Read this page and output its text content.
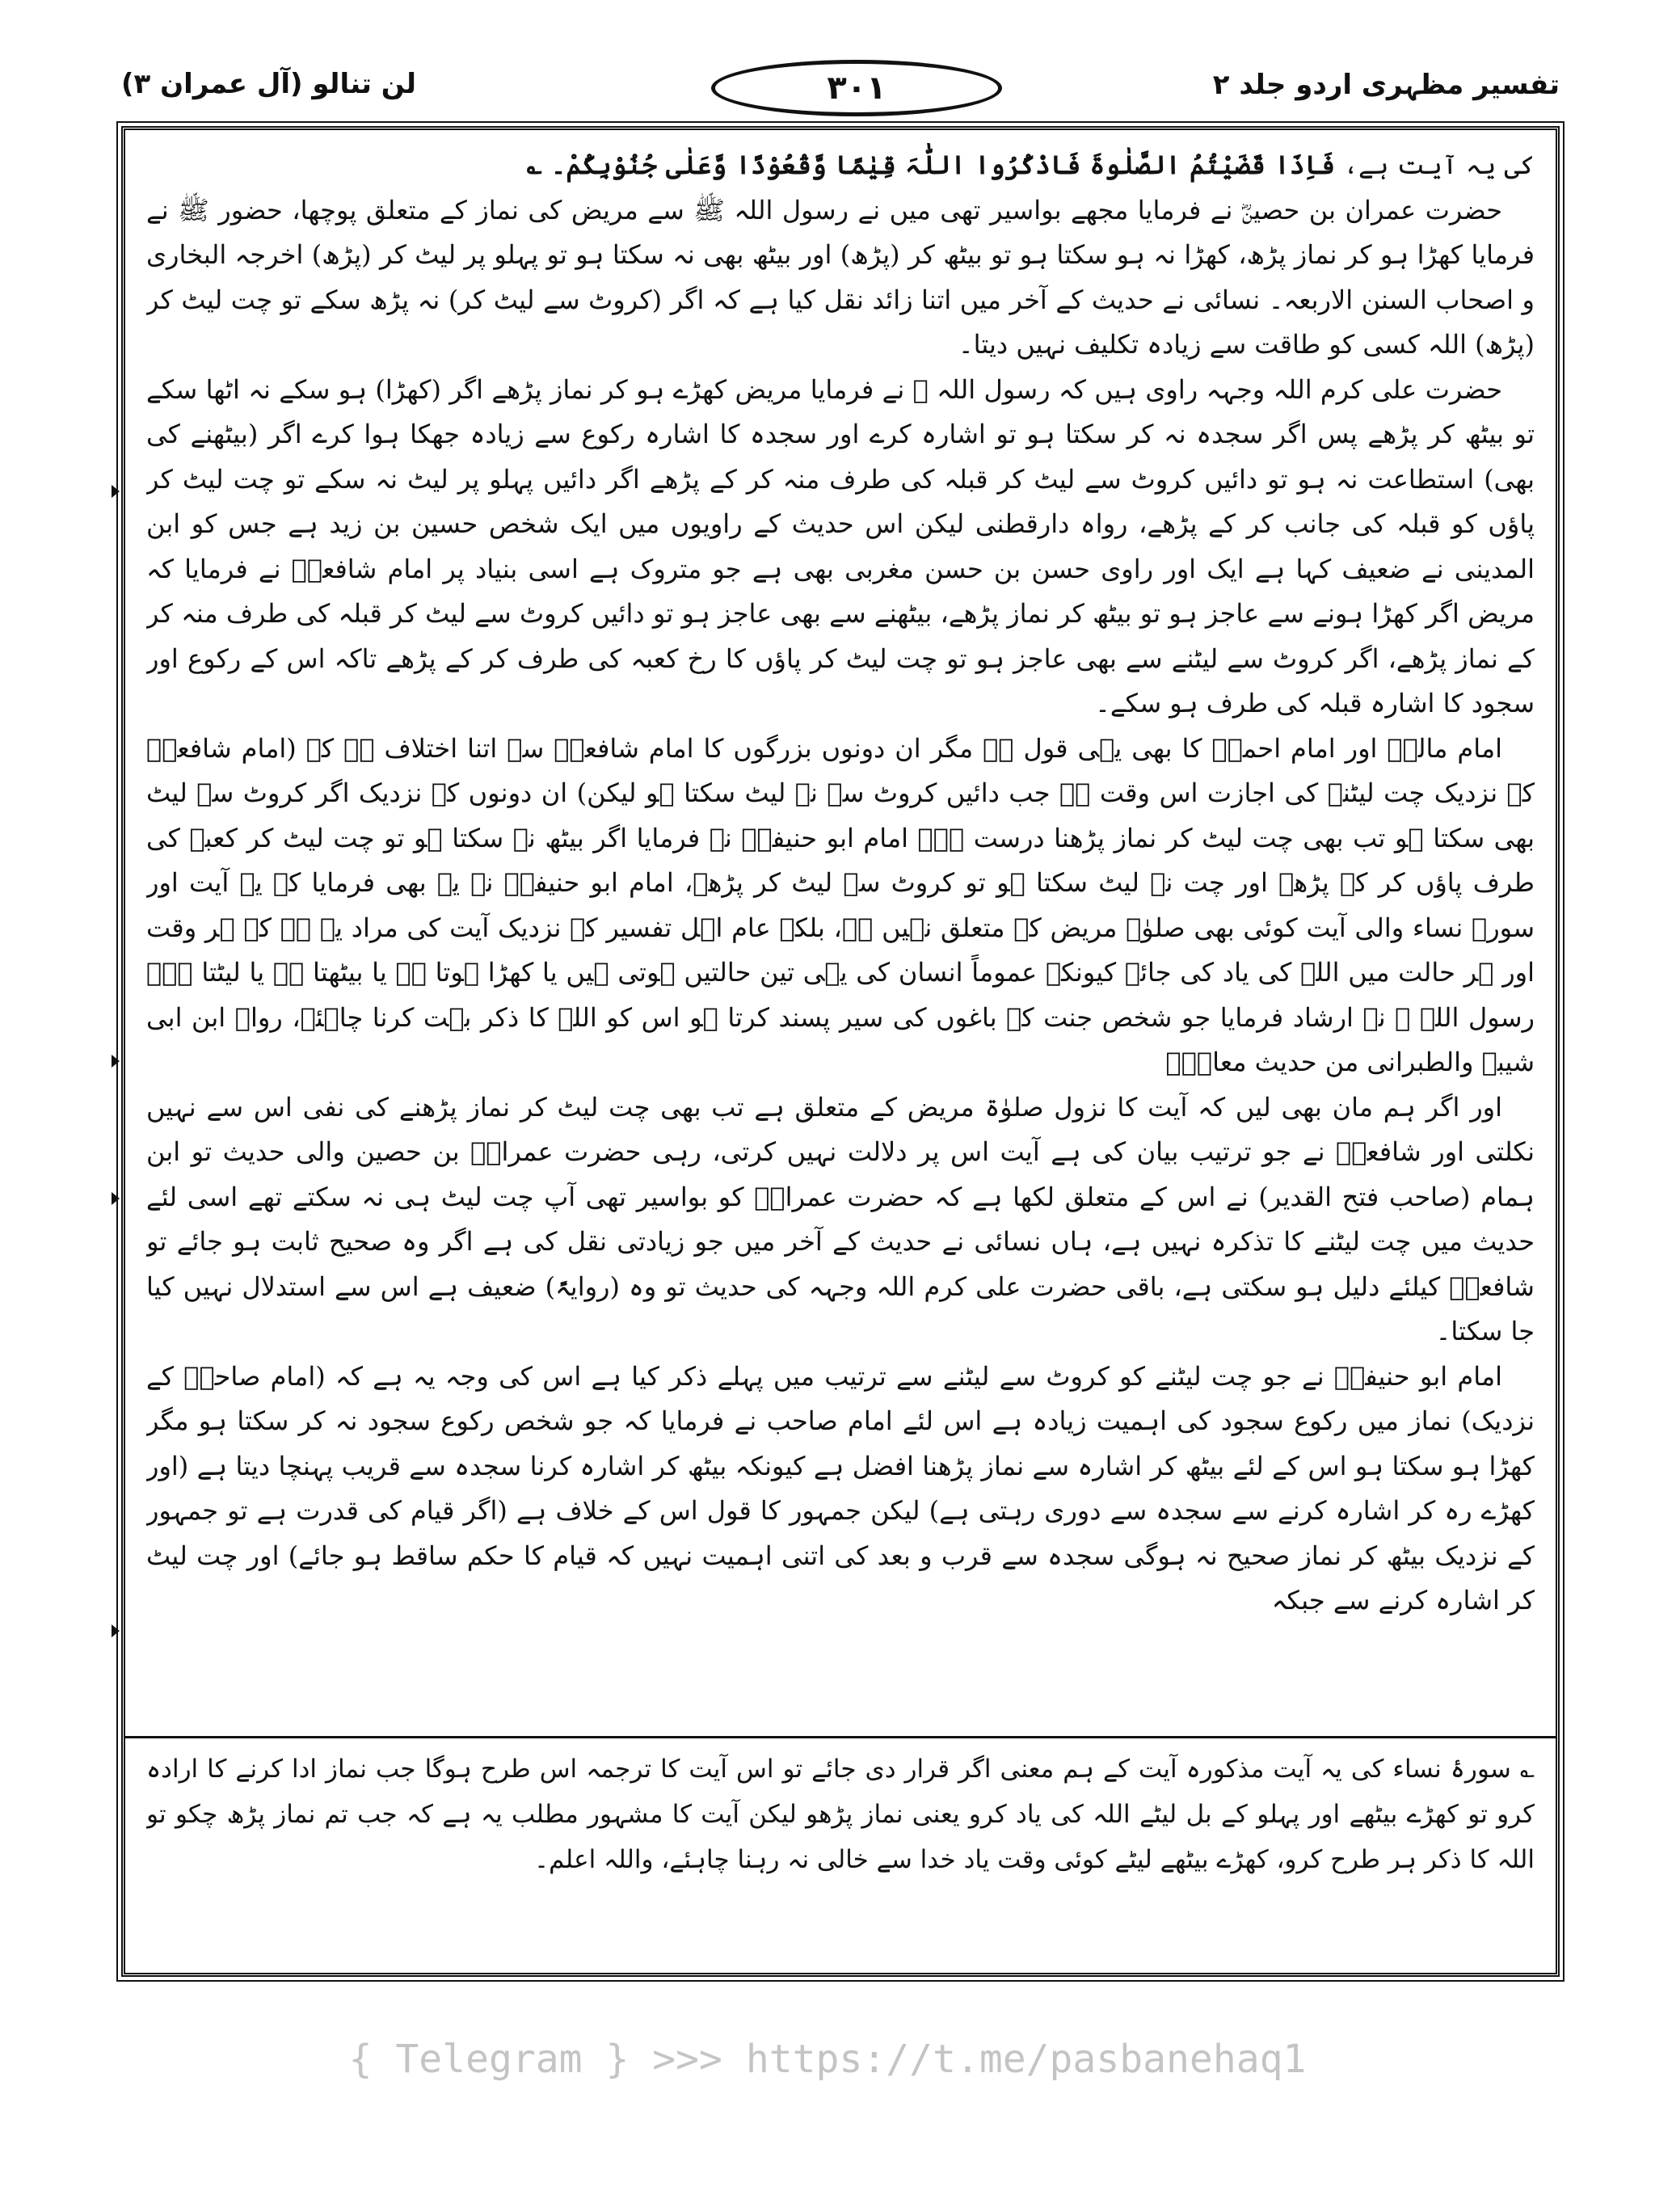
تفسیر مظہری اردو جلد ۲
۳۰۱
لن تنالو (آل عمران ۳)

کی یہ آیت ہے، فَاِذَا قَضَیْتُمُ الصَّلٰوۃَ فَاذْکُرُوا اللّٰہَ قِیٰمًا وَّقُعُوْدًا وَّعَلٰی جُنُوْبِکُمْ۔ ؎

حضرت عمران بن حصینؓ نے فرمایا مجھے بواسیر تھی میں نے رسول اللہ ﷺ سے مریض کی نماز کے متعلق پوچھا، حضور ﷺ نے فرمایا کھڑا ہو کر نماز پڑھ، کھڑا نہ ہو سکتا ہو تو بیٹھ کر (پڑھ) اور بیٹھ بھی نہ سکتا ہو تو پہلو پر لیٹ کر (پڑھ) اخرجہ البخاری و اصحاب السنن الاربعہ۔ نسائی نے حدیث کے آخر میں اتنا زائد نقل کیا ہے کہ اگر (کروٹ سے لیٹ کر) نہ پڑھ سکے تو چت لیٹ کر (پڑھ) اللہ کسی کو طاقت سے زیادہ تکلیف نہیں دیتا۔

حضرت علی کرم اللہ وجہہ راوی ہیں کہ رسول اللہ ﷺ نے فرمایا مریض کھڑے ہو کر نماز پڑھے اگر (کھڑا) ہو سکے نہ اٹھا سکے تو بیٹھ کر پڑھے پس اگر سجدہ نہ کر سکتا ہو تو اشارہ کرے اور سجدہ کا اشارہ رکوع سے زیادہ جھکا ہوا کرے اگر (بیٹھنے کی بھی) استطاعت نہ ہو تو دائیں کروٹ سے لیٹ کر قبلہ کی طرف منہ کر کے پڑھے اگر دائیں پہلو پر لیٹ نہ سکے تو چت لیٹ کر پاؤں کو قبلہ کی جانب کر کے پڑھے، رواہ دارقطنی لیکن اس حدیث کے راویوں میں ایک شخص حسین بن زید ہے جس کو ابن المدینی نے ضعیف کہا ہے ایک اور راوی حسن بن حسن مغربی بھی ہے جو متروک ہے اسی بنیاد پر امام شافعیؒ نے فرمایا کہ مریض اگر کھڑا ہونے سے عاجز ہو تو بیٹھ کر نماز پڑھے، بیٹھنے سے بھی عاجز ہو تو دائیں کروٹ سے لیٹ کر قبلہ کی طرف منہ کر کے نماز پڑھے، اگر کروٹ سے لیٹنے سے بھی عاجز ہو تو چت لیٹ کر پاؤں کا رخ کعبہ کی طرف کر کے پڑھے تاکہ اس کے رکوع اور سجود کا اشارہ قبلہ کی طرف ہو سکے۔

امام مالکؒ اور امام احمدؒ کا بھی یہی قول ہے مگر ان دونوں بزرگوں کا امام شافعیؒ سے اتنا اختلاف ہے کہ (امام شافعیؒ کے نزدیک چت لیٹنے کی اجازت اس وقت ہے جب دائیں کروٹ سے نہ لیٹ سکتا ہو لیکن) ان دونوں کے نزدیک اگر کروٹ سے لیٹ بھی سکتا ہو تب بھی چت لیٹ کر نماز پڑھنا درست ہے۔ امام ابو حنیفہؒ نے فرمایا اگر بیٹھ نہ سکتا ہو تو چت لیٹ کر کعبہ کی طرف پاؤں کر کے پڑھے اور چت نہ لیٹ سکتا ہو تو کروٹ سے لیٹ کر پڑھے، امام ابو حنیفہؒ نے یہ بھی فرمایا کہ یہ آیت اور سورۂ نساء والی آیت کوئی بھی صلوٰۃ مریض کے متعلق نہیں ہے، بلکہ عام اہل تفسیر کے نزدیک آیت کی مراد یہ ہے کہ ہر وقت اور ہر حالت میں اللہ کی یاد کی جائے کیونکہ عموماً انسان کی یہی تین حالتیں ہوتی ہیں یا کھڑا ہوتا ہے یا بیٹھتا ہے یا لیٹتا ہے۔ رسول اللہ ﷺ نے ارشاد فرمایا جو شخص جنت کے باغوں کی سیر پسند کرتا ہو اس کو اللہ کا ذکر بہت کرنا چاہئے، رواہ ابن ابی شیبہ والطبرانی من حدیث معاذؓ۔

اور اگر ہم مان بھی لیں کہ آیت کا نزول صلوٰۃ مریض کے متعلق ہے تب بھی چت لیٹ کر نماز پڑھنے کی نفی اس سے نہیں نکلتی اور شافعیؒ نے جو ترتیب بیان کی ہے آیت اس پر دلالت نہیں کرتی، رہی حضرت عمرانؓ بن حصین والی حدیث تو ابن ہمام (صاحب فتح القدیر) نے اس کے متعلق لکھا ہے کہ حضرت عمرانؓ کو بواسیر تھی آپ چت لیٹ ہی نہ سکتے تھے اسی لئے حدیث میں چت لیٹنے کا تذکرہ نہیں ہے، ہاں نسائی نے حدیث کے آخر میں جو زیادتی نقل کی ہے اگر وہ صحیح ثابت ہو جائے تو شافعیؒ کیلئے دلیل ہو سکتی ہے، باقی حضرت علی کرم اللہ وجہہ کی حدیث تو وہ (روایۃً) ضعیف ہے اس سے استدلال نہیں کیا جا سکتا۔

امام ابو حنیفہؒ نے جو چت لیٹنے کو کروٹ سے لیٹنے سے ترتیب میں پہلے ذکر کیا ہے اس کی وجہ یہ ہے کہ (امام صاحبؒ کے نزدیک) نماز میں رکوع سجود کی اہمیت زیادہ ہے اس لئے امام صاحب نے فرمایا کہ جو شخص رکوع سجود نہ کر سکتا ہو مگر کھڑا ہو سکتا ہو اس کے لئے بیٹھ کر اشارہ سے نماز پڑھنا افضل ہے کیونکہ بیٹھ کر اشارہ کرنا سجدہ سے قریب پہنچا دیتا ہے (اور کھڑے رہ کر اشارہ کرنے سے سجدہ سے دوری رہتی ہے) لیکن جمہور کا قول اس کے خلاف ہے (اگر قیام کی قدرت ہے تو جمہور کے نزدیک بیٹھ کر نماز صحیح نہ ہوگی سجدہ سے قرب و بعد کی اتنی اہمیت نہیں کہ قیام کا حکم ساقط ہو جائے) اور چت لیٹ کر اشارہ کرنے سے جبکہ

؎ سورۂ نساء کی یہ آیت مذکورہ آیت کے ہم معنی اگر قرار دی جائے تو اس آیت کا ترجمہ اس طرح ہوگا جب نماز ادا کرنے کا ارادہ کرو تو کھڑے بیٹھے اور پہلو کے بل لیٹے اللہ کی یاد کرو یعنی نماز پڑھو لیکن آیت کا مشہور مطلب یہ ہے کہ جب تم نماز پڑھ چکو تو اللہ کا ذکر ہر طرح کرو، کھڑے بیٹھے لیٹے کوئی وقت یاد خدا سے خالی نہ رہنا چاہئے، واللہ اعلم۔

{ Telegram } >>> https://t.me/pasbanehaq1
